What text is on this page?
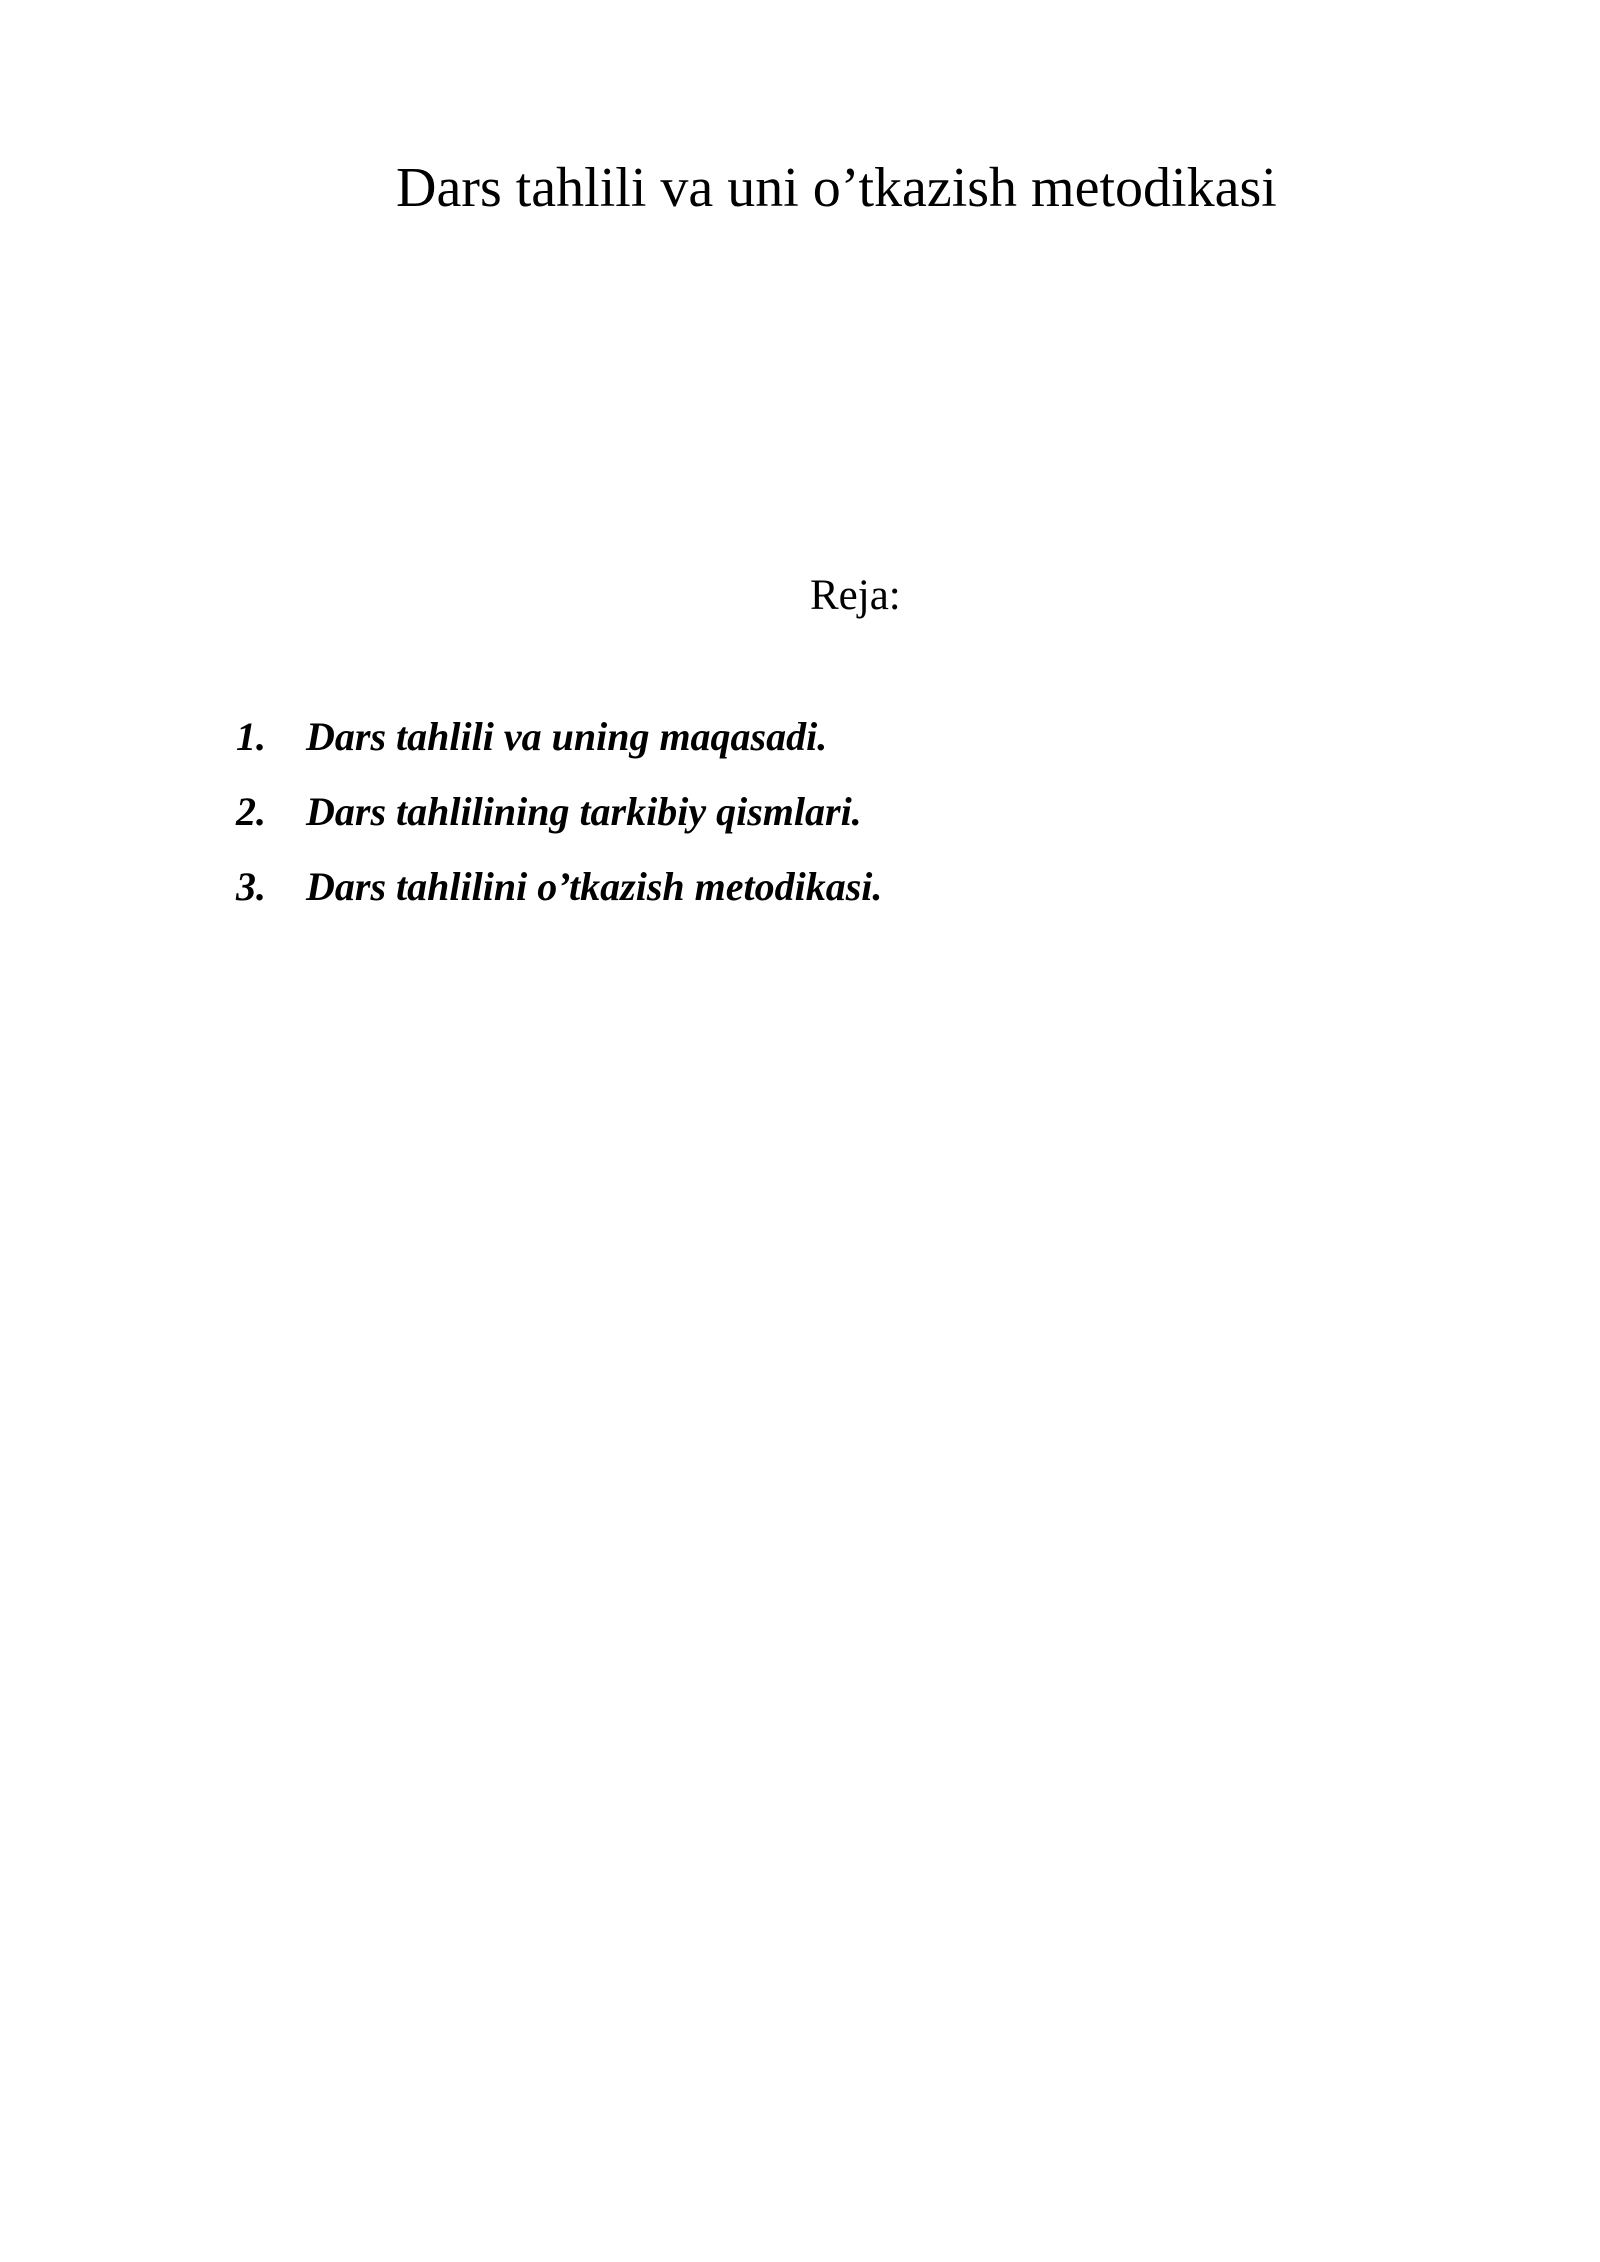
Dars tahlili va uni o’tkazish metodikasi
Reja:
1.	Dars tahlili va uning maqasadi.
2.	Dars tahlilining tarkibiy qismlari.
3.	Dars tahlilini o’tkazish metodikasi.
